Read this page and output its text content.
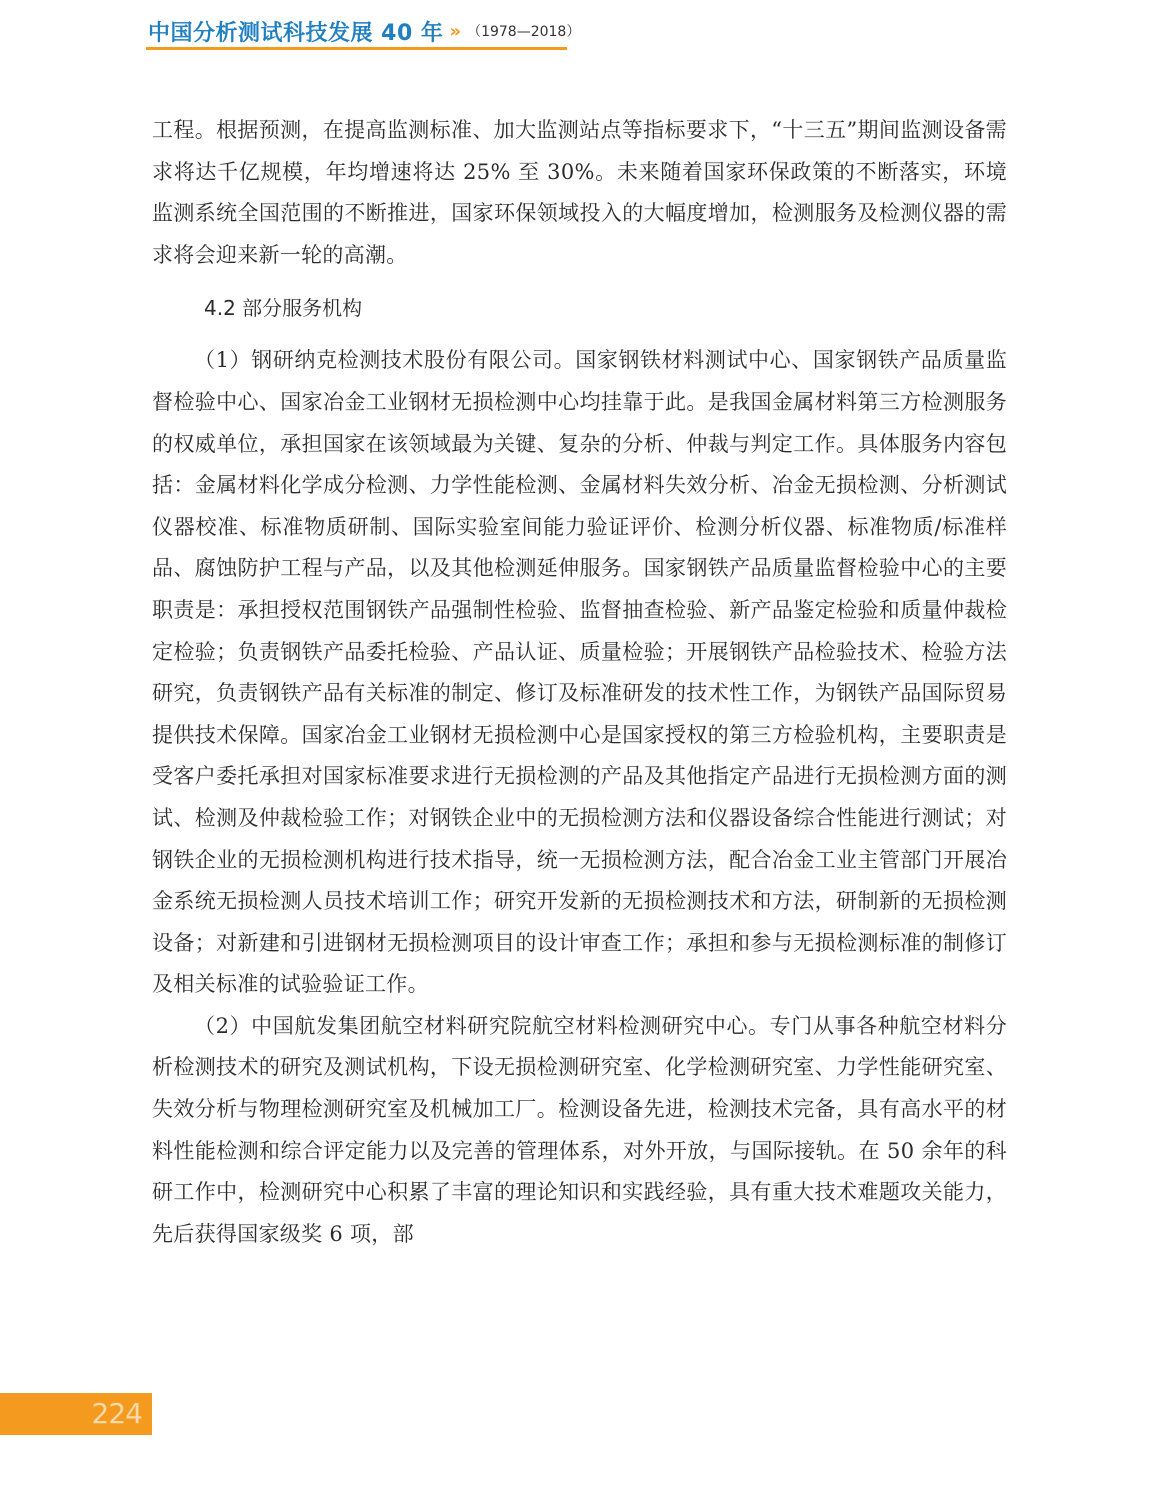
中国分析测试科技发展 40 年 » （1978—2018）

工程。根据预测，在提高监测标准、加大监测站点等指标要求下，“十三五”期间监测设备需求将达千亿规模，年均增速将达 25% 至 30%。未来随着国家环保政策的不断落实，环境监测系统全国范围的不断推进，国家环保领域投入的大幅度增加，检测服务及检测仪器的需求将会迎来新一轮的高潮。

4.2 部分服务机构

（1）钢研纳克检测技术股份有限公司。国家钢铁材料测试中心、国家钢铁产品质量监督检验中心、国家冶金工业钢材无损检测中心均挂靠于此。是我国金属材料第三方检测服务的权威单位，承担国家在该领域最为关键、复杂的分析、仲裁与判定工作。具体服务内容包括：金属材料化学成分检测、力学性能检测、金属材料失效分析、冶金无损检测、分析测试仪器校准、标准物质研制、国际实验室间能力验证评价、检测分析仪器、标准物质/标准样品、腐蚀防护工程与产品，以及其他检测延伸服务。国家钢铁产品质量监督检验中心的主要职责是：承担授权范围钢铁产品强制性检验、监督抽查检验、新产品鉴定检验和质量仲裁检定检验；负责钢铁产品委托检验、产品认证、质量检验；开展钢铁产品检验技术、检验方法研究，负责钢铁产品有关标准的制定、修订及标准研发的技术性工作，为钢铁产品国际贸易提供技术保障。国家冶金工业钢材无损检测中心是国家授权的第三方检验机构，主要职责是受客户委托承担对国家标准要求进行无损检测的产品及其他指定产品进行无损检测方面的测试、检测及仲裁检验工作；对钢铁企业中的无损检测方法和仪器设备综合性能进行测试；对钢铁企业的无损检测机构进行技术指导，统一无损检测方法，配合冶金工业主管部门开展冶金系统无损检测人员技术培训工作；研究开发新的无损检测技术和方法，研制新的无损检测设备；对新建和引进钢材无损检测项目的设计审查工作；承担和参与无损检测标准的制修订及相关标准的试验验证工作。

（2）中国航发集团航空材料研究院航空材料检测研究中心。专门从事各种航空材料分析检测技术的研究及测试机构，下设无损检测研究室、化学检测研究室、力学性能研究室、失效分析与物理检测研究室及机械加工厂。检测设备先进，检测技术完备，具有高水平的材料性能检测和综合评定能力以及完善的管理体系，对外开放，与国际接轨。在 50 余年的科研工作中，检测研究中心积累了丰富的理论知识和实践经验，具有重大技术难题攻关能力，先后获得国家级奖 6 项，部

224
